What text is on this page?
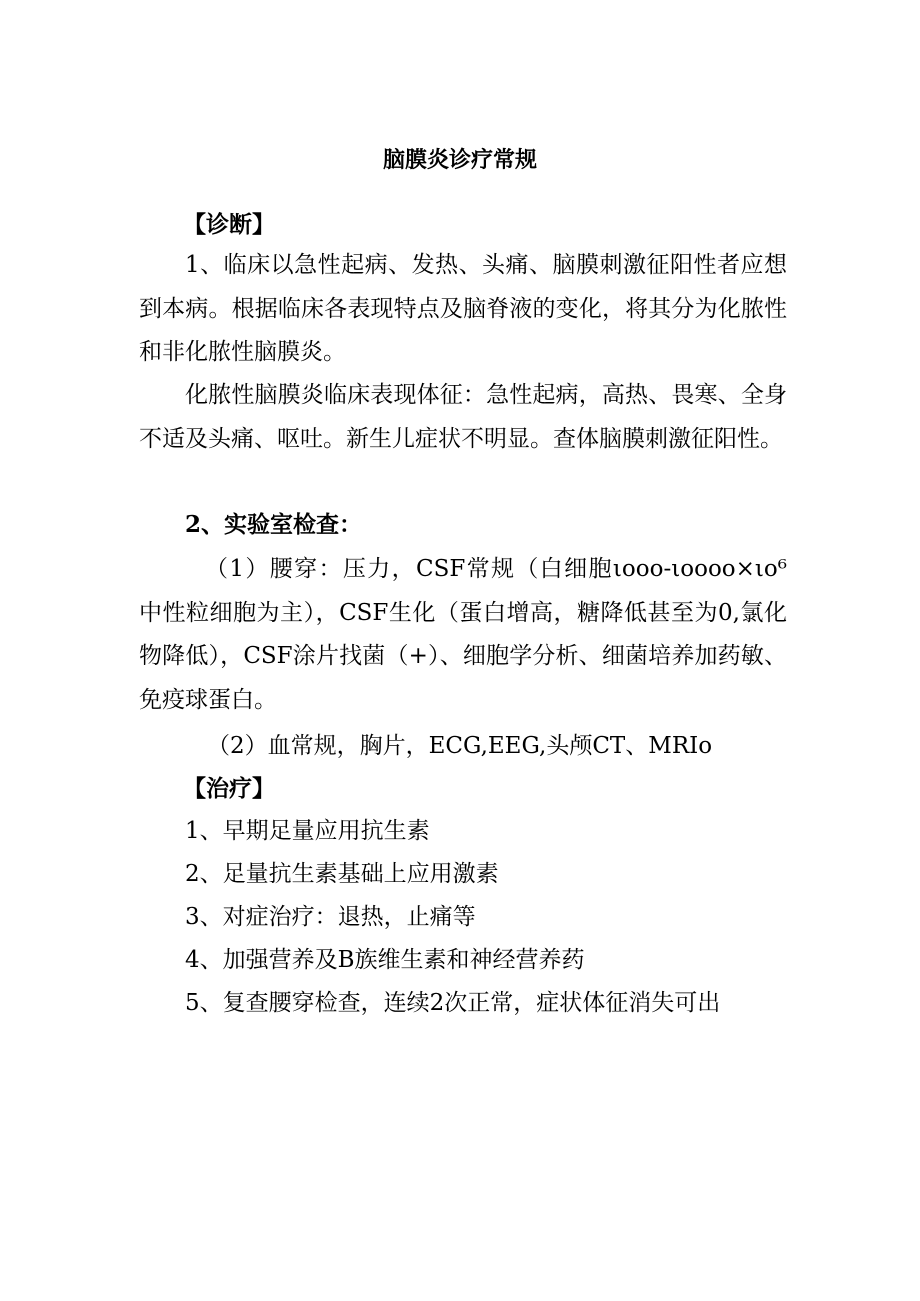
脑膜炎诊疗常规
【诊断】

1、临床以急性起病、发热、头痛、脑膜刺激征阳性者应想到本病。根据临床各表现特点及脑脊液的变化，将其分为化脓性和非化脓性脑膜炎。

化脓性脑膜炎临床表现体征：急性起病，高热、畏寒、全身不适及头痛、呕吐。新生儿症状不明显。查体脑膜刺激征阳性。

2、实验室检查：

（1）腰穿：压力，CSF常规（白细胞ιooo-ιoooo×ιo⁶中性粒细胞为主），CSF生化（蛋白增高，糖降低甚至为0,氯化物降低），CSF涂片找菌（+）、细胞学分析、细菌培养加药敏、免疫球蛋白。

（2）血常规，胸片，ECG,EEG,头颅CT、MRIo
【治疗】
1、早期足量应用抗生素
2、足量抗生素基础上应用激素
3、对症治疗：退热，止痛等
4、加强营养及B族维生素和神经营养药
5、复查腰穿检查，连续2次正常，症状体征消失可出
